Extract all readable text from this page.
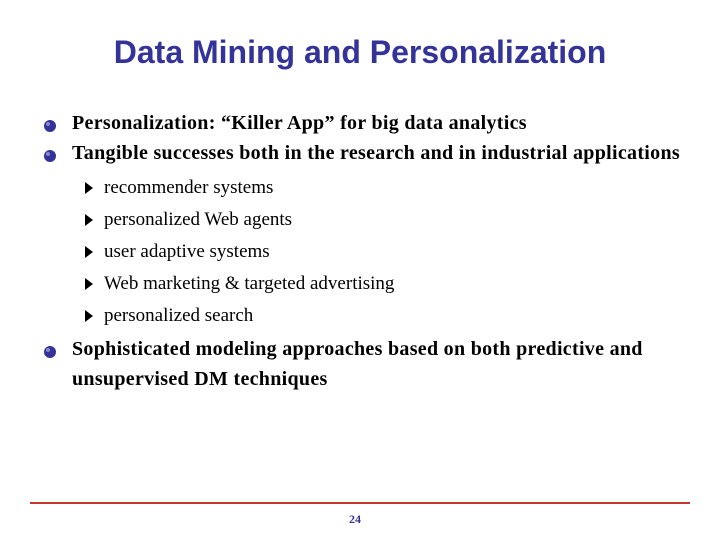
Data Mining and Personalization
Personalization: “Killer App” for big data analytics
Tangible successes both in the research and in industrial applications
recommender systems
personalized Web agents
user adaptive systems
Web marketing & targeted advertising
personalized search
Sophisticated modeling approaches based on both predictive and unsupervised DM techniques
24
